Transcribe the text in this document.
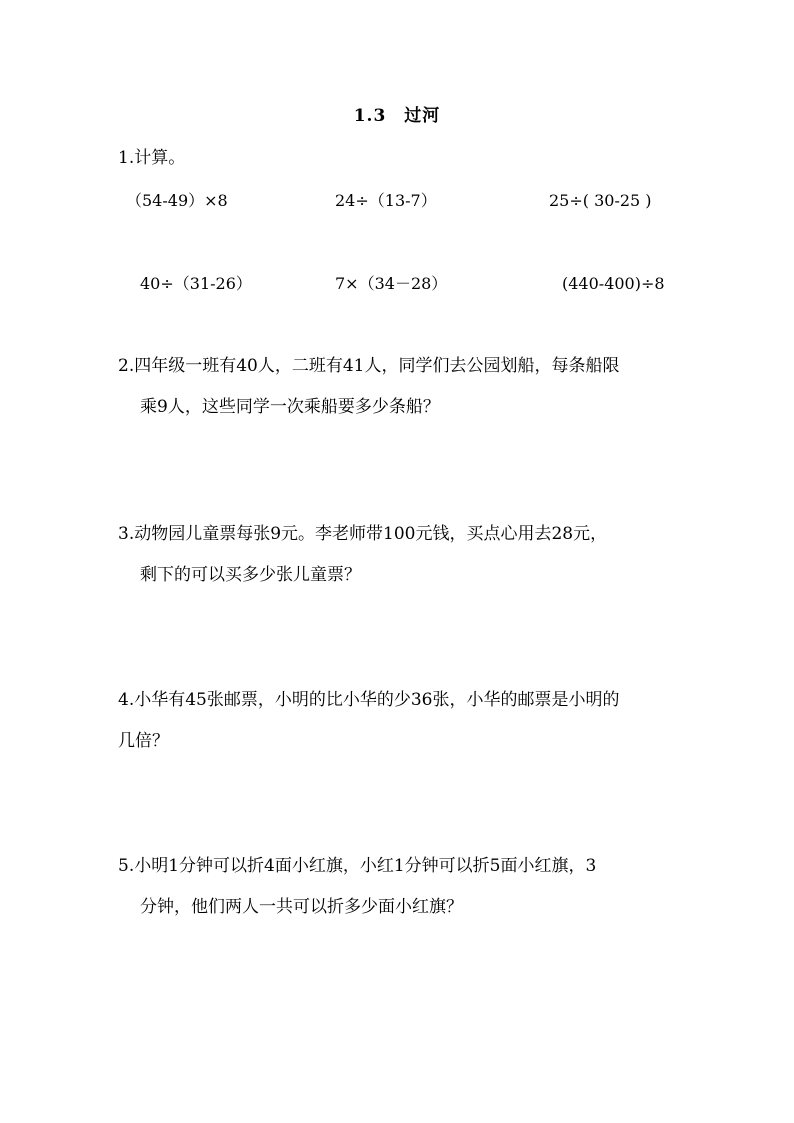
1.3 过河
1.计算。
（54-49）×8	24÷（13-7）	25÷( 30-25 )
40÷（31-26）	7×（34－28）	(440-400)÷8
2.四年级一班有40人，二班有41人，同学们去公园划船，每条船限
乘9人，这些同学一次乘船要多少条船？
3.动物园儿童票每张9元。李老师带100元钱，买点心用去28元，
剩下的可以买多少张儿童票？
4.小华有45张邮票，小明的比小华的少36张，小华的邮票是小明的
几倍？
5.小明1分钟可以折4面小红旗，小红1分钟可以折5面小红旗，3
分钟，他们两人一共可以折多少面小红旗？
